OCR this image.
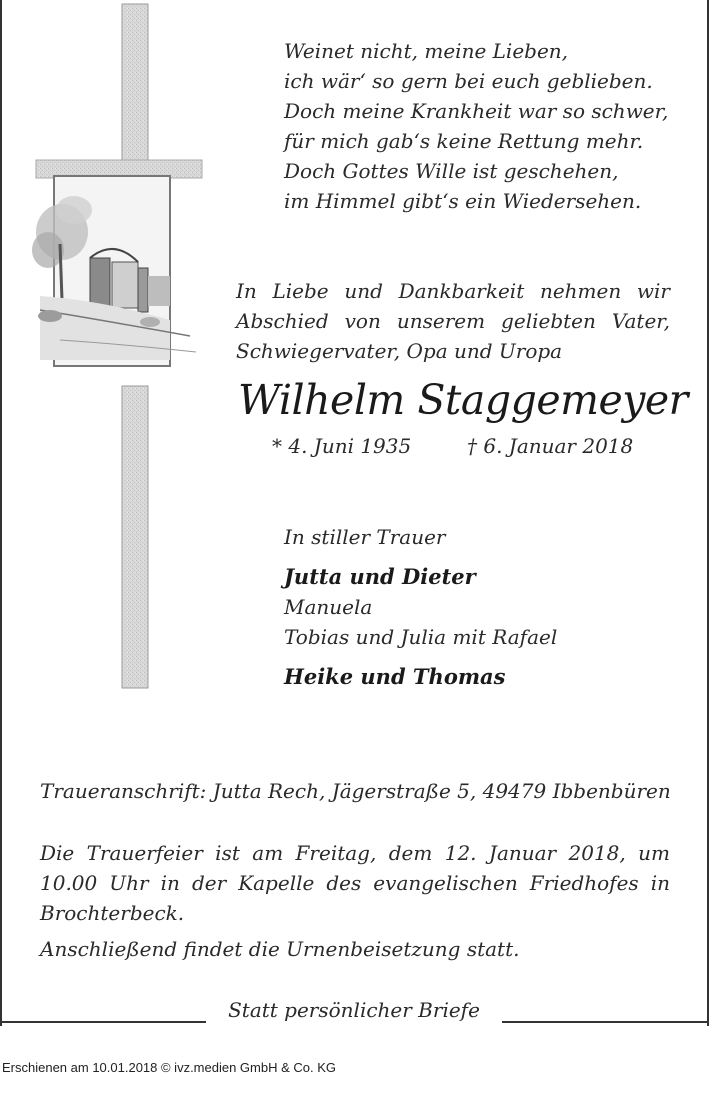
Weinet nicht, meine Lieben,
ich wär‘ so gern bei euch geblieben.
Doch meine Krankheit war so schwer,
für mich gab‘s keine Rettung mehr.
Doch Gottes Wille ist geschehen,
im Himmel gibt‘s ein Wiedersehen.
In Liebe und Dankbarkeit nehmen wir
Abschied von unserem geliebten Vater,
Schwiegervater, Opa und Uropa
Wilhelm Staggemeyer
* 4. Juni 1935	† 6. Januar 2018
In stiller Trauer
Jutta und Dieter
Manuela
Tobias und Julia mit Rafael
Heike und Thomas
Traueranschrift: Jutta Rech, Jägerstraße 5, 49479 Ibbenbüren
Die Trauerfeier ist am Freitag, dem 12. Januar 2018, um
10.00 Uhr in der Kapelle des evangelischen Friedhofes in
Brochterbeck.
Anschließend findet die Urnenbeisetzung statt.
Statt persönlicher Briefe
Erschienen am 10.01.2018 © ivz.medien GmbH & Co. KG
